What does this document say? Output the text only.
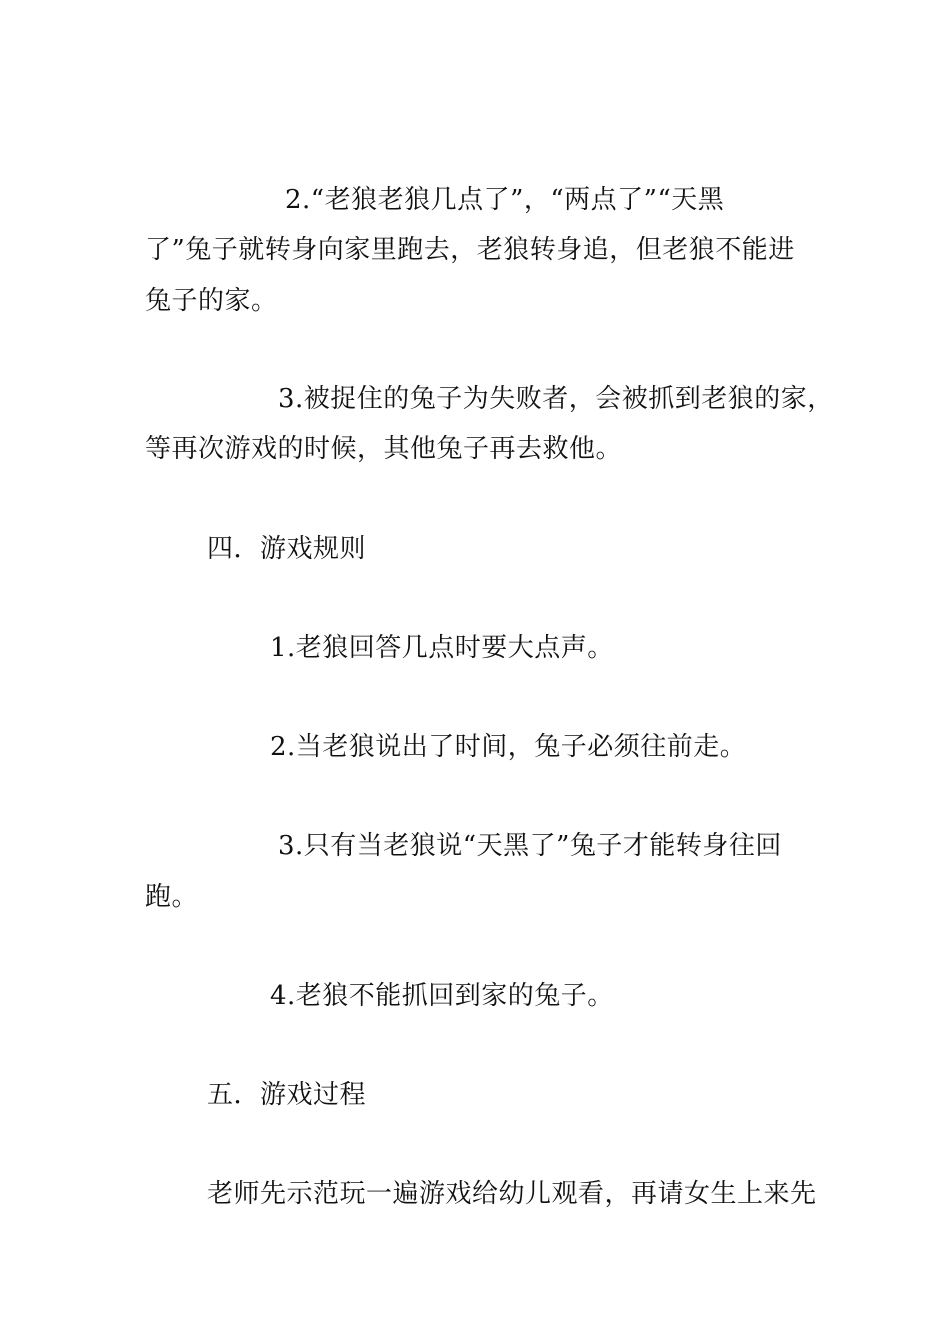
2.“老狼老狼几点了”，“两点了”“天黑
了”兔子就转身向家里跑去，老狼转身追，但老狼不能进
兔子的家。
3.被捉住的兔子为失败者，会被抓到老狼的家，
等再次游戏的时候，其他兔子再去救他。
四．游戏规则
1.老狼回答几点时要大点声。
2.当老狼说出了时间，兔子必须往前走。
3.只有当老狼说“天黑了”兔子才能转身往回
跑。
4.老狼不能抓回到家的兔子。
五．游戏过程
老师先示范玩一遍游戏给幼儿观看，再请女生上来先
